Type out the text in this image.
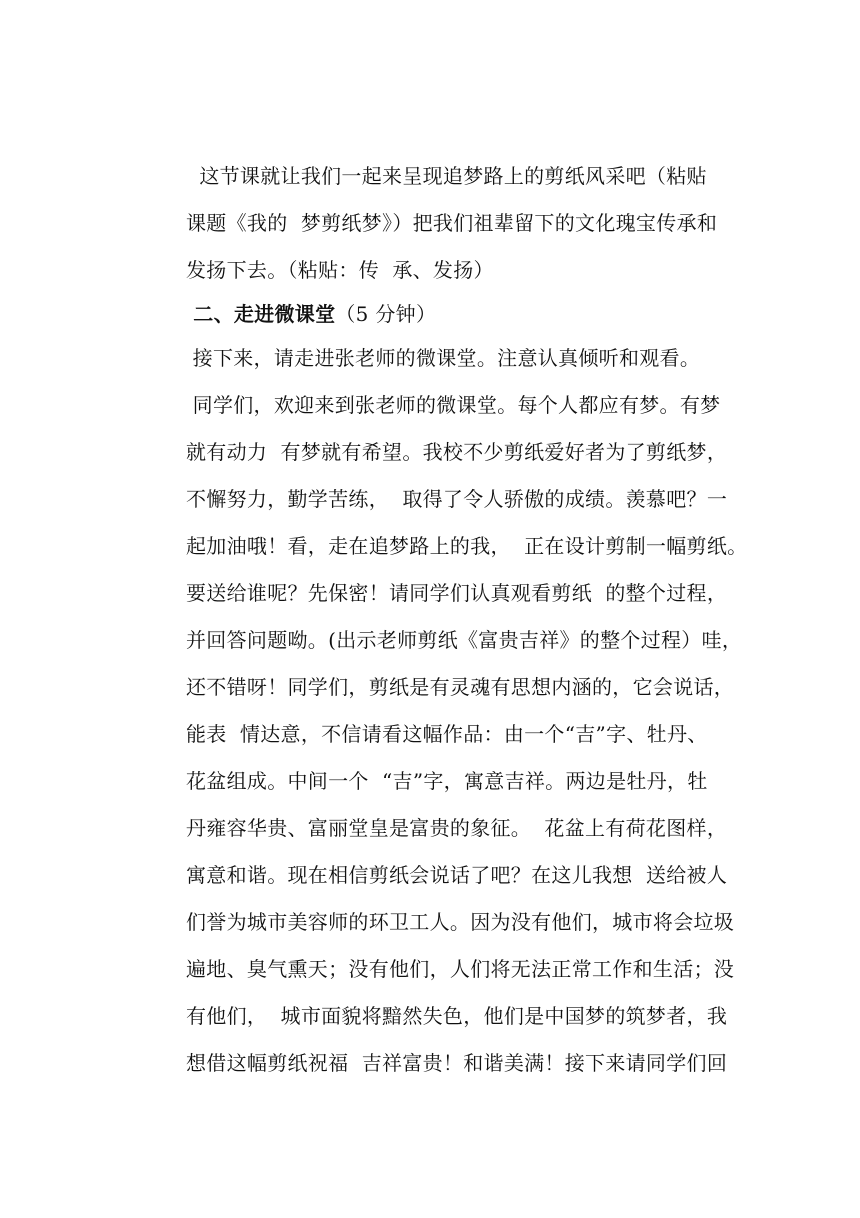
这节课就让我们一起来呈现追梦路上的剪纸风采吧（粘贴
课题《我的  梦剪纸梦》）把我们祖辈留下的文化瑰宝传承和
发扬下去。（粘贴：传  承、发扬）
二、走进微课堂（5 分钟）
接下来，请走进张老师的微课堂。注意认真倾听和观看。
同学们，欢迎来到张老师的微课堂。每个人都应有梦。有梦
就有动力  有梦就有希望。我校不少剪纸爱好者为了剪纸梦，
不懈努力，勤学苦练，  取得了令人骄傲的成绩。羡慕吧？一
起加油哦！看，走在追梦路上的我，  正在设计剪制一幅剪纸。
要送给谁呢？先保密！请同学们认真观看剪纸  的整个过程，
并回答问题呦。(出示老师剪纸《富贵吉祥》的整个过程）哇，
还不错呀！同学们，剪纸是有灵魂有思想内涵的，它会说话，
能表  情达意，不信请看这幅作品：由一个“吉”字、牡丹、
花盆组成。中间一个  “吉”字，寓意吉祥。两边是牡丹，牡
丹雍容华贵、富丽堂皇是富贵的象征。  花盆上有荷花图样，
寓意和谐。现在相信剪纸会说话了吧？在这儿我想  送给被人
们誉为城市美容师的环卫工人。因为没有他们，城市将会垃圾
遍地、臭气熏天；没有他们，人们将无法正常工作和生活；没
有他们，  城市面貌将黯然失色，他们是中国梦的筑梦者，我
想借这幅剪纸祝福  吉祥富贵！和谐美满！接下来请同学们回
